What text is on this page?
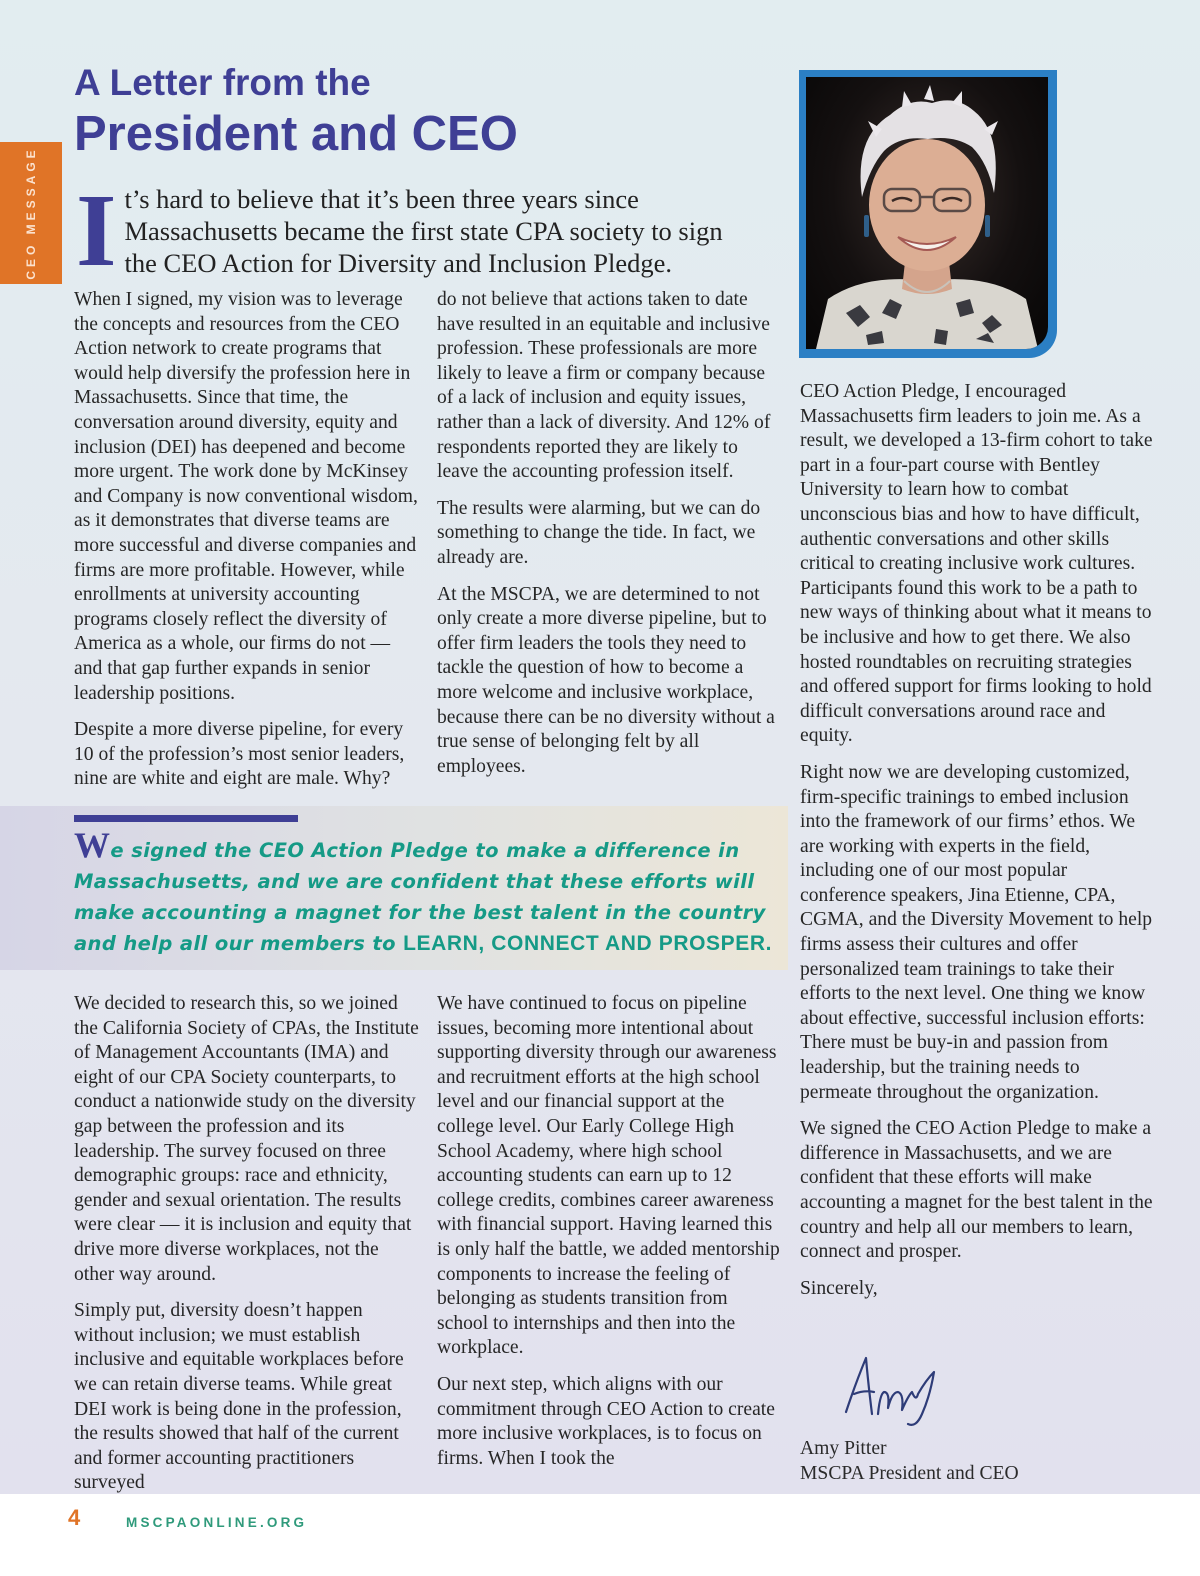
CEO MESSAGE
A Letter from the
President and CEO
I t’s hard to believe that it’s been three years since Massachusetts became the first state CPA society to sign the CEO Action for Diversity and Inclusion Pledge.

When I signed, my vision was to leverage the concepts and resources from the CEO Action network to create programs that would help diversify the profession here in Massachusetts. Since that time, the conversation around diversity, equity and inclusion (DEI) has deepened and become more urgent. The work done by McKinsey and Company is now conventional wisdom, as it demonstrates that diverse teams are more successful and diverse companies and firms are more profitable. However, while enrollments at university accounting programs closely reflect the diversity of America as a whole, our firms do not — and that gap further expands in senior leadership positions.

Despite a more diverse pipeline, for every 10 of the profession’s most senior leaders, nine are white and eight are male. Why?

do not believe that actions taken to date have resulted in an equitable and inclusive profession. These professionals are more likely to leave a firm or company because of a lack of inclusion and equity issues, rather than a lack of diversity. And 12% of respondents reported they are likely to leave the accounting profession itself.

The results were alarming, but we can do something to change the tide. In fact, we already are.

At the MSCPA, we are determined to not only create a more diverse pipeline, but to offer firm leaders the tools they need to tackle the question of how to become a more welcome and inclusive workplace, because there can be no diversity without a true sense of belonging felt by all employees.

We signed the CEO Action Pledge to make a difference in Massachusetts, and we are confident that these efforts will make accounting a magnet for the best talent in the country and help all our members to LEARN, CONNECT AND PROSPER.

We decided to research this, so we joined the California Society of CPAs, the Institute of Management Accountants (IMA) and eight of our CPA Society counterparts, to conduct a nationwide study on the diversity gap between the profession and its leadership. The survey focused on three demographic groups: race and ethnicity, gender and sexual orientation. The results were clear — it is inclusion and equity that drive more diverse workplaces, not the other way around.

Simply put, diversity doesn’t happen without inclusion; we must establish inclusive and equitable workplaces before we can retain diverse teams. While great DEI work is being done in the profession, the results showed that half of the current and former accounting practitioners surveyed

We have continued to focus on pipeline issues, becoming more intentional about supporting diversity through our awareness and recruitment efforts at the high school level and our financial support at the college level. Our Early College High School Academy, where high school accounting students can earn up to 12 college credits, combines career awareness with financial support. Having learned this is only half the battle, we added mentorship components to increase the feeling of belonging as students transition from school to internships and then into the workplace.

Our next step, which aligns with our commitment through CEO Action to create more inclusive workplaces, is to focus on firms. When I took the

CEO Action Pledge, I encouraged Massachusetts firm leaders to join me. As a result, we developed a 13-firm cohort to take part in a four-part course with Bentley University to learn how to combat unconscious bias and how to have difficult, authentic conversations and other skills critical to creating inclusive work cultures. Participants found this work to be a path to new ways of thinking about what it means to be inclusive and how to get there. We also hosted roundtables on recruiting strategies and offered support for firms looking to hold difficult conversations around race and equity.

Right now we are developing customized, firm-specific trainings to embed inclusion into the framework of our firms’ ethos. We are working with experts in the field, including one of our most popular conference speakers, Jina Etienne, CPA, CGMA, and the Diversity Movement to help firms assess their cultures and offer personalized team trainings to take their efforts to the next level. One thing we know about effective, successful inclusion efforts: There must be buy-in and passion from leadership, but the training needs to permeate throughout the organization.

We signed the CEO Action Pledge to make a difference in Massachusetts, and we are confident that these efforts will make accounting a magnet for the best talent in the country and help all our members to learn, connect and prosper.

Sincerely,

Amy Pitter
MSCPA President and CEO
4	MSCPAONLINE.ORG
